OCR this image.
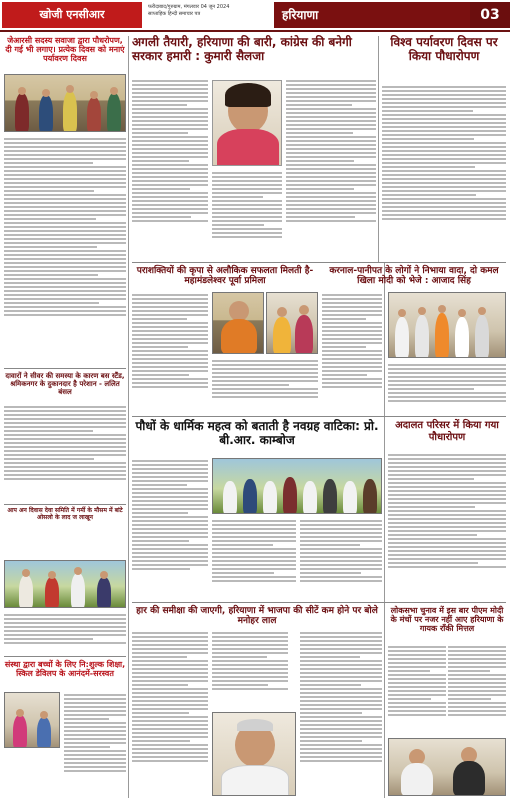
खोजी एनसीआर
फरीदाबाद/गुरुग्राम, मंगलवार 04 जून 2024
साप्ताहिक हिन्दी समाचार पत्र	हरियाणा	03
जेआरसी सदस्य सवाजा द्वारा पौधरोपण, दी गई भी लगाए। प्रत्येक दिवस को मनाएं पर्यावरण दिवस
दावारों ने सीवर की समस्या के कारण बस स्टैंड, श्रमिकनगर के दुकानदार है परेशान - ललित बंसल
आप अन दिवास देवा समिति में गर्मी के मौसम में बांटे ओसलो के लाद ज लाखून
संस्था द्वारा बच्चों के लिए नि:शुल्क शिक्षा, स्किल डेविलप के आनंदमें-सरस्वत
अगली तैयारी, हरियाणा की बारी, कांग्रेस की बनेगी सरकार हमारी : कुमारी सैलजा
विश्व पर्यावरण दिवस पर किया पौधारोपण
पराशक्तियों की कृपा से अलौकिक सफलता मिलती है- महामंडलेश्वर पूर्वा प्रमिला
करनाल-पानीपत के लोगों ने निभाया वादा, दो कमल खिला मोदी को भेजे : आजाद सिंह
पौधों के धार्मिक महत्व को बताती है नवग्रह वाटिका: प्रो. बी.आर. काम्बोज
अदालत परिसर में किया गया पौधारोपण
हार की समीक्षा की जाएगी, हरियाणा में भाजपा की सीटें कम होने पर बोले मनोहर लाल
लोकसभा चुनाव में इस बार पीएम मोदी के मंचों पर नजर नहीं आए हरियाणा के गायक राँकी मित्तल
